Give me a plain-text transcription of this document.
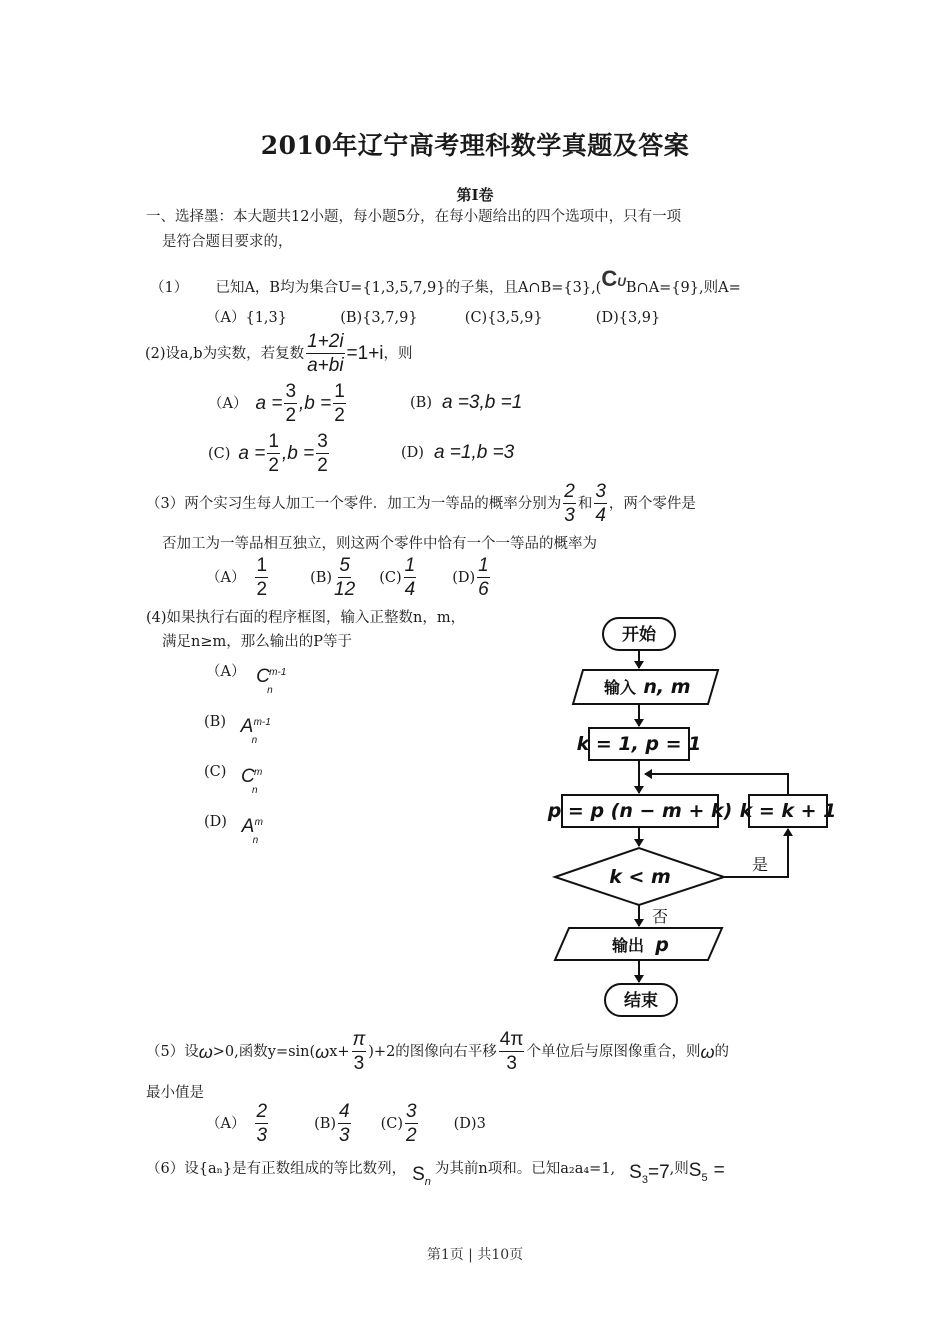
2010年辽宁高考理科数学真题及答案
第I卷
一、选择墨：本大题共12小题，每小题5分，在每小题给出的四个选项中，只有一项
是符合题目要求的，
（1） 已知A，B均为集合U={1,3,5,7,9}的子集，且A∩B={3},(CUB∩A={9},则A=
（A）{1,3}	(B){3,7,9}	(C){3,5,9}	(D){3,9}
(2) 设a,b为实数，若复数 $\frac{1+2i}{a+bi} =1+i$ ，则
（A） $a = \frac{3}{2} ,b = \frac{1}{2}$	(B) a =3,b =1
(C) $a = \frac{1}{2} ,b = \frac{3}{2}$	(D) a =1,b =3
（3） 两个实习生每人加工一个零件．加工为一等品的概率分别为 $\frac{2}{3}$ 和 $\frac{3}{4}$ ，两个零件是
否加工为一等品相互独立，则这两个零件中恰有一个一等品的概率为
$(A) \frac{1}{2}$	$(B) \frac{5}{12} (C) \frac{1}{4} (D) \frac{1}{6}$
(4)如果执行右面的程序框图，输入正整数n，m，
满足n≥m，那么输出的P等于
（A） C m-1
n
(B) A m-1
n
(C) C m
n
(D) A m
n
开始
输入 n, m
k = 1, p = 1
p = p (n − m + k) k = k + 1
k < m
是
否
输出 p
结束
（5） 设 ω >0,函数y=sin( ω $x+ \frac{\pi}{3} )+2$的图像向右平移 $\frac{4\pi}{3}$ 个单位后与原图像重合，则 ω 的
最小值是
$(A) \frac{2}{3}$	$(B) \frac{4}{3} (C) \frac{3}{2} (D)3$
（6） 设{aₙ}是有正数组成的等比数列， $S_n$
为其前n项和。已知a₂a₄=1, $S_3=7$ ,则 $S_5$ =
第1页 | 共10页
